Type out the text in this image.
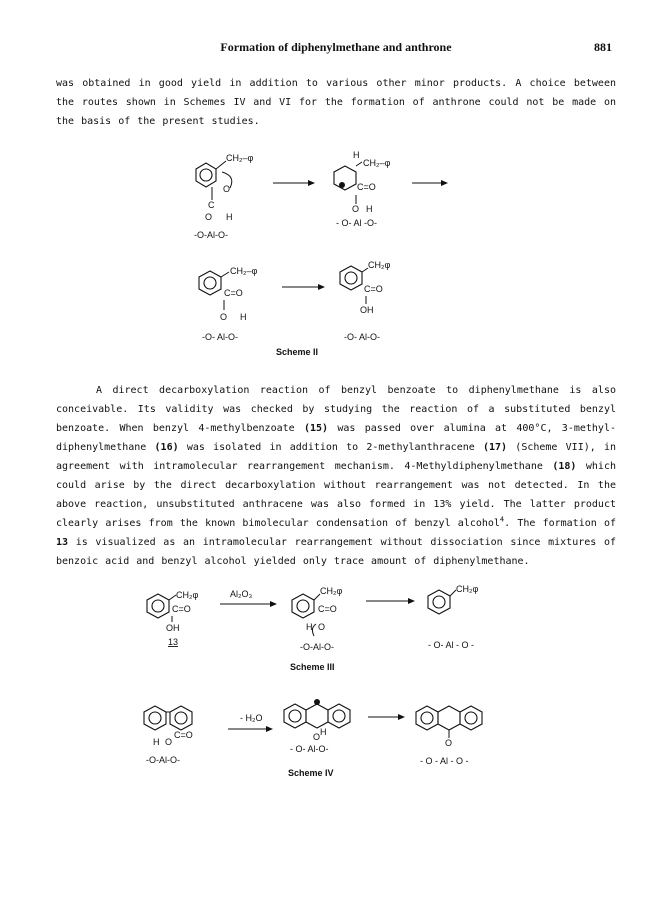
Formation of diphenylmethane and anthrone	881

was obtained in good yield in addition to various other minor products. A choice between the routes shown in Schemes IV and VI for the formation of anthrone could not be made on the basis of the present studies.

CH₂–φ
O
C
O H
-O-Al-O-
H
CH₂–φ
C=O
O H
- O- Al -O-
CH₂–φ
C=O
O H
-O- Al-O-
CH₂φ
C=O
OH
-O- Al-O-
Scheme II
CH₂φ
C=O
OH
13
Al₂O₃	CH₂φ
C=O
H O
-O-Al-O-
CH₂φ
- O- Al - O -
Scheme III
C=O
H O
-O-Al-O-
- H₂O
H
O
- O- Al-O-
O
- O - Al - O -
Scheme IV

A direct decarboxylation reaction of benzyl benzoate to diphenylmethane is also conceivable. Its validity was checked by studying the reaction of a substituted benzyl benzoate. When benzyl 4-methylbenzoate (15) was passed over alumina at 400°C, 3-methyl-diphenylmethane (16) was isolated in addition to 2-methylanthracene (17) (Scheme VII), in agreement with intramolecular rearrangement mechanism. 4-Methyldiphenylmethane (18) which could arise by the direct decarboxylation without rearrangement was not detected. In the above reaction, unsubstituted anthracene was also formed in 13% yield. The latter product clearly arises from the known bimolecular condensation of benzyl alcohol$^4$. The formation of 13 is visualized as an intramolecular rearrangement without dissociation since mixtures of benzoic acid and benzyl alcohol yielded only trace amount of diphenylmethane.
